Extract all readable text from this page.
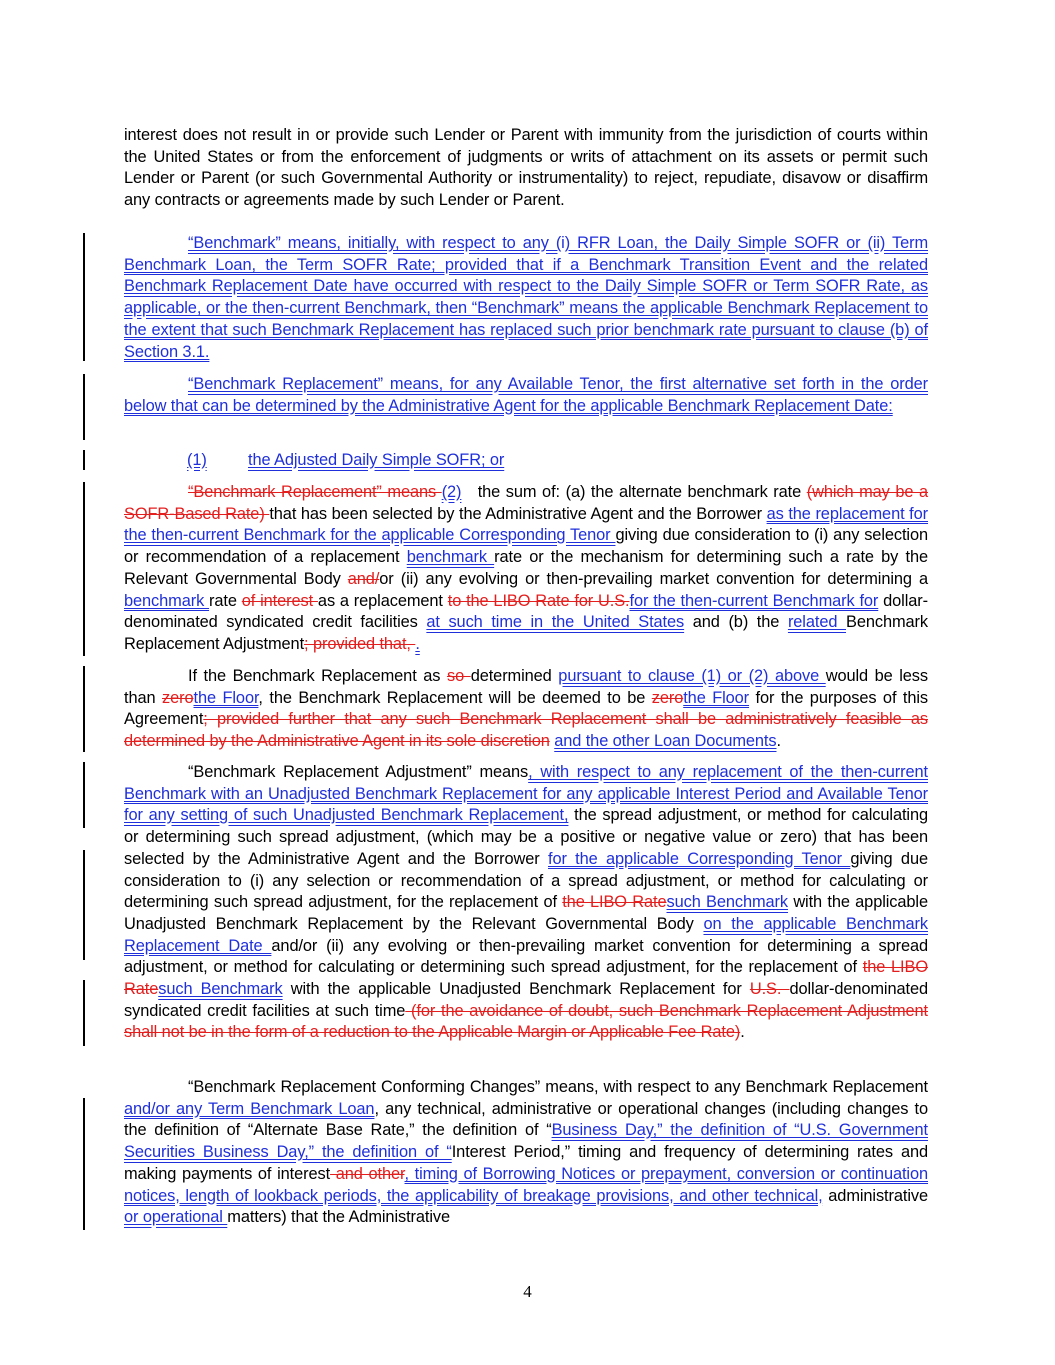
interest does not result in or provide such Lender or Parent with immunity from the jurisdiction of courts within the United States or from the enforcement of judgments or writs of attachment on its assets or permit such Lender or Parent (or such Governmental Authority or instrumentality) to reject, repudiate, disavow or disaffirm any contracts or agreements made by such Lender or Parent.
“Benchmark” means, initially, with respect to any (i) RFR Loan, the Daily Simple SOFR or (ii) Term Benchmark Loan, the Term SOFR Rate; provided that if a Benchmark Transition Event and the related Benchmark Replacement Date have occurred with respect to the Daily Simple SOFR or Term SOFR Rate, as applicable, or the then-current Benchmark, then “Benchmark” means the applicable Benchmark Replacement to the extent that such Benchmark Replacement has replaced such prior benchmark rate pursuant to clause (b) of Section 3.1.
“Benchmark Replacement” means, for any Available Tenor, the first alternative set forth in the order below that can be determined by the Administrative Agent for the applicable Benchmark Replacement Date:
(1)	the Adjusted Daily Simple SOFR; or
“Benchmark Replacement” means (2) the sum of: (a) the alternate benchmark rate (which may be a SOFR-Based Rate) that has been selected by the Administrative Agent and the Borrower as the replacement for the then-current Benchmark for the applicable Corresponding Tenor giving due consideration to (i) any selection or recommendation of a replacement benchmark rate or the mechanism for determining such a rate by the Relevant Governmental Body and/or (ii) any evolving or then-prevailing market convention for determining a benchmark rate of interest as a replacement to the LIBO Rate for U.S.for the then-current Benchmark for dollar-denominated syndicated credit facilities at such time in the United States and (b) the related Benchmark Replacement Adjustment; provided that, .
If the Benchmark Replacement as so determined pursuant to clause (1) or (2) above would be less than zerothe Floor, the Benchmark Replacement will be deemed to be zerothe Floor for the purposes of this Agreement; provided further that any such Benchmark Replacement shall be administratively feasible as determined by the Administrative Agent in its sole discretion and the other Loan Documents.
“Benchmark Replacement Adjustment” means, with respect to any replacement of the then-current Benchmark with an Unadjusted Benchmark Replacement for any applicable Interest Period and Available Tenor for any setting of such Unadjusted Benchmark Replacement, the spread adjustment, or method for calculating or determining such spread adjustment, (which may be a positive or negative value or zero) that has been selected by the Administrative Agent and the Borrower for the applicable Corresponding Tenor giving due consideration to (i) any selection or recommendation of a spread adjustment, or method for calculating or determining such spread adjustment, for the replacement of the LIBO Ratesuch Benchmark with the applicable Unadjusted Benchmark Replacement by the Relevant Governmental Body on the applicable Benchmark Replacement Date and/or (ii) any evolving or then-prevailing market convention for determining a spread adjustment, or method for calculating or determining such spread adjustment, for the replacement of the LIBO Ratesuch Benchmark with the applicable Unadjusted Benchmark Replacement for U.S. dollar-denominated syndicated credit facilities at such time (for the avoidance of doubt, such Benchmark Replacement Adjustment shall not be in the form of a reduction to the Applicable Margin or Applicable Fee Rate).
“Benchmark Replacement Conforming Changes” means, with respect to any Benchmark Replacement and/or any Term Benchmark Loan, any technical, administrative or operational changes (including changes to the definition of “Alternate Base Rate,” the definition of “Business Day,” the definition of “U.S. Government Securities Business Day,” the definition of “Interest Period,” timing and frequency of determining rates and making payments of interest and other, timing of Borrowing Notices or prepayment, conversion or continuation notices, length of lookback periods, the applicability of breakage provisions, and other technical, administrative or operational matters) that the Administrative
4
